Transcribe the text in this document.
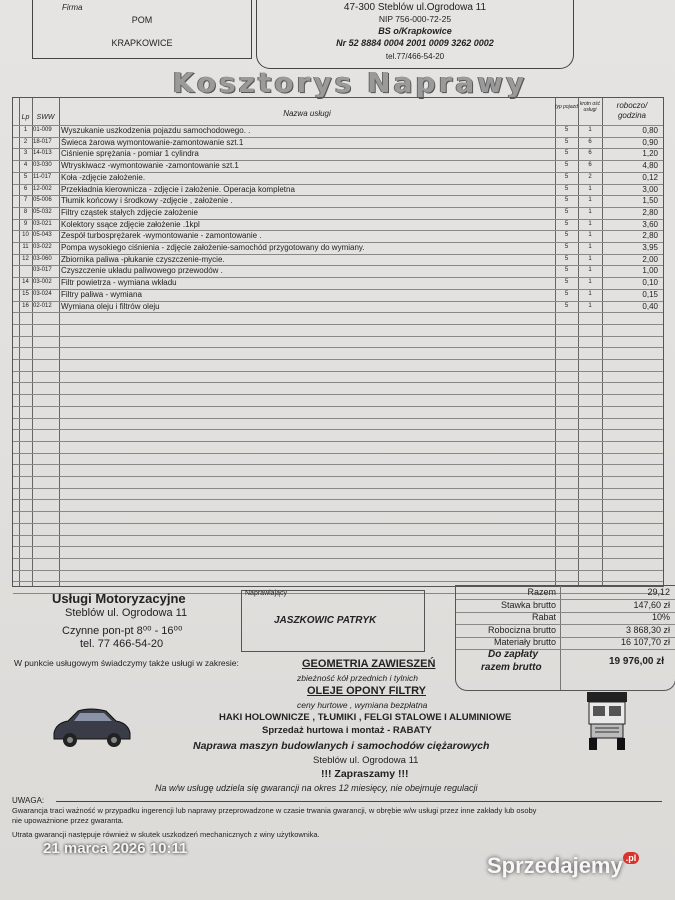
POM
KRAPKOWICE
Firma	47-300 Steblów ul.Ogrodowa 11
NIP 756-000-72-25
BS o/Krapkowice
Nr 52 8884 0004 2001 0009 3262 0002
tel.77/466-54-20
Kosztorys Naprawy
Lp	SWW	Nazwa usługi
typ pojazd krotn ość usługi	roboczo/ godzina
1 01-009	Wyszukanie uszkodzenia pojazdu samochodowego. .	5	1	0,80
2 18-017	Świeca żarowa wymontowanie-zamontowanie szt.1	5	6	0,90
3 14-013	Ciśnienie sprężania - pomiar 1 cylindra	5	6	1,20
4 03-030	Wtryskiwacz -wymontowanie -zamontowanie szt.1	5	6	4,80
5 11-017	Koła -zdjęcie założenie.	5	2	0,12
6 12-002	Przekładnia kierownicza - zdjęcie i założenie. Operacja kompletna	5	1	3,00
7 05-006	Tłumik końcowy i środkowy -zdjęcie , założenie .	5	1	1,50
8 05-032	Filtry cząstek stałych zdjęcie założenie	5	1	2,80
9 03-021	Kolektory ssące zdjęcie założenie .1kpl	5	1	3,60
10 05-043	Zespół turbosprężarek -wymontowanie - zamontowanie .	5	1	2,80
11 03-022	Pompa wysokiego ciśnienia - zdjęcie założenie-samochód przygotowany do wymiany.	5	1	3,95
12 03-060	Zbiornika paliwa -płukanie czyszczenie-mycie.	5	1	2,00
03-017	Czyszczenie układu paliwowego przewodów .	5	1	1,00
14 03-002	Filtr powietrza - wymiana wkładu	5	1	0,10
15 03-024	Filtry paliwa - wymiana	5	1	0,15
16 02-012	Wymiana oleju i filtrów oleju	5	1	0,40
Usługi Motoryzacyjne
Steblów ul. Ogrodowa 11
Czynne pon-pt 8⁰⁰ - 16⁰⁰
tel. 77 466-54-20
Naprawiający
JASZKOWIC PATRYK
Razem	29,12
Stawka brutto	147,60 zł
Rabat	10%
Robocizna brutto	3 868,30 zł
Materiały brutto	16 107,70 zł
Do zapłaty
razem brutto
19 976,00 zł
W punkcie usługowym świadczymy także usługi w zakresie:	GEOMETRIA ZAWIESZEŃ
zbieżność kół przednich i tylnich
OLEJE OPONY FILTRY
ceny hurtowe , wymiana bezpłatna
HAKI HOLOWNICZE , TŁUMIKI , FELGI STALOWE I ALUMINIOWE
Sprzedaż hurtowa i montaż - RABATY
Naprawa maszyn budowlanych i samochodów ciężarowych
Steblów ul. Ogrodowa 11
!!! Zapraszamy !!!
Na w/w usługę udziela się gwarancji na okres 12 miesięcy, nie obejmuje regulacji
UWAGA:
Gwarancja traci ważność w przypadku ingerencji lub naprawy przeprowadzone w czasie trwania gwarancji, w obrębie w/w usługi przez inne zakłady lub osoby
nie upoważnione przez gwaranta.
Utrata gwarancji następuje również w skutek uszkodzeń mechanicznych z winy użytkownika.
21 marca 2026 10:11
Sprzedajemy .pl
